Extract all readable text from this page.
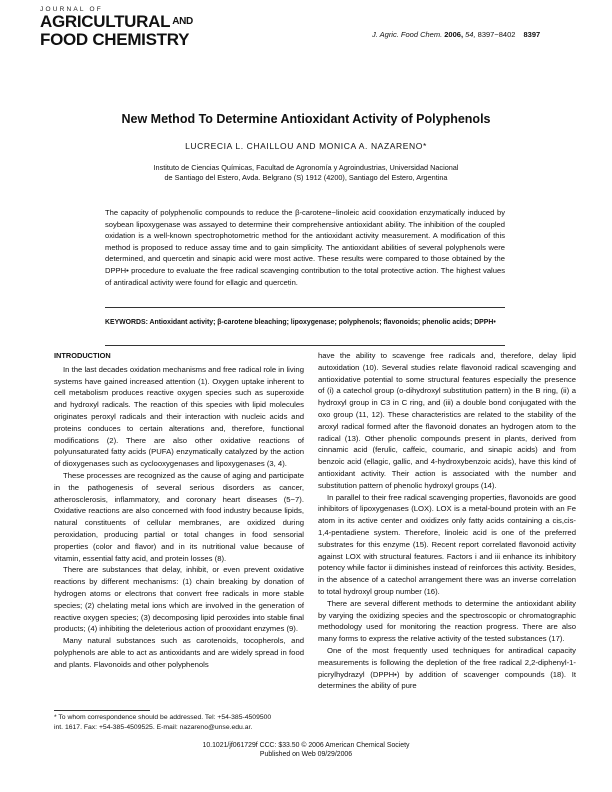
JOURNAL OF
AGRICULTURAL $^{AND}$
FOOD CHEMISTRY	J. Agric. Food Chem. 2006, 54, 8397−8402 8397
New Method To Determine Antioxidant Activity of Polyphenols
LUCRECIA L. CHAILLOU AND MONICA A. NAZARENO*
Instituto de Ciencias Químicas, Facultad de Agronomía y Agroindustrias, Universidad Nacional de Santiago del Estero, Avda. Belgrano (S) 1912 (4200), Santiago del Estero, Argentina
The capacity of polyphenolic compounds to reduce the β-carotene−linoleic acid cooxidation enzymatically induced by soybean lipoxygenase was assayed to determine their comprehensive antioxidant ability. The inhibition of the coupled oxidation is a well-known spectrophotometric method for the antioxidant activity measurement. A modification of this method is proposed to reduce assay time and to gain simplicity. The antioxidant abilities of several polyphenols were determined, and quercetin and sinapic acid were most active. These results were compared to those obtained by the DPPH• procedure to evaluate the free radical scavenging contribution to the total protective action. The highest values of antiradical activity were found for ellagic and quercetin.
KEYWORDS: Antioxidant activity; β-carotene bleaching; lipoxygenase; polyphenols; flavonoids; phenolic acids; DPPH•
INTRODUCTION

In the last decades oxidation mechanisms and free radical role in living systems have gained increased attention (1). Oxygen uptake inherent to cell metabolism produces reactive oxygen species such as superoxide and hydroxyl radicals. The reaction of this species with lipid molecules originates peroxyl radicals and their interaction with nucleic acids and proteins conduces to certain alterations and, therefore, functional modifications (2). There are also other oxidative reactions of polyunsaturated fatty acids (PUFA) enzymatically catalyzed by the action of dioxygenases such as cyclooxygenases and lipoxygenases (3, 4).

These processes are recognized as the cause of aging and participate in the pathogenesis of several serious disorders as cancer, atherosclerosis, inflammatory, and coronary heart diseases (5−7). Oxidative reactions are also concerned with food industry because lipids, natural constituents of cellular membranes, are oxidized during peroxidation, producing partial or total changes in food sensorial properties (color and flavor) and in its nutritional value because of vitamin, essential fatty acid, and protein losses (8).

There are substances that delay, inhibit, or even prevent oxidative reactions by different mechanisms: (1) chain breaking by donation of hydrogen atoms or electrons that convert free radicals in more stable species; (2) chelating metal ions which are involved in the generation of reactive oxygen species; (3) decomposing lipid peroxides into stable final products; (4) inhibiting the deleterious action of prooxidant enzymes (9).

Many natural substances such as carotenoids, tocopherols, and polyphenols are able to act as antioxidants and are widely spread in food and plants. Flavonoids and other polyphenols

have the ability to scavenge free radicals and, therefore, delay lipid autoxidation (10). Several studies relate flavonoid radical scavenging and antioxidative potential to some structural features especially the presence of (i) a catechol group (o-dihydroxyl substitution pattern) in the B ring, (ii) a hydroxyl group in C3 in C ring, and (iii) a double bond conjugated with the oxo group (11, 12). These characteristics are related to the stability of the aroxyl radical formed after the flavonoid donates an hydrogen atom to the radical (13). Other phenolic compounds present in plants, derived from cinnamic acid (ferulic, caffeic, coumaric, and sinapic acids) and from benzoic acid (ellagic, gallic, and 4-hydroxybenzoic acids), have this kind of antioxidant activity. Their action is associated with the number and substitution pattern of phenolic hydroxyl groups (14).

In parallel to their free radical scavenging properties, flavonoids are good inhibitors of lipoxygenases (LOX). LOX is a metal-bound protein with an Fe atom in its active center and oxidizes only fatty acids containing a cis,cis-1,4-pentadiene system. Therefore, linoleic acid is one of the preferred substrates for this enzyme (15). Recent report correlated flavonoid activity against LOX with structural features. Factors i and iii enhance its inhibitory potency while factor ii diminishes instead of reinforces this activity. Besides, in the absence of a catechol arrangement there was an inverse correlation to total hydroxyl group number (16).

There are several different methods to determine the antioxidant ability by varying the oxidizing species and the spectroscopic or chromatographic methodology used for monitoring the reaction progress. There are also many forms to express the relative activity of the tested substances (17).

One of the most frequently used techniques for antiradical capacity measurements is following the depletion of the free radical 2,2-diphenyl-1-picrylhydrazyl (DPPH•) by addition of scavenger compounds (18). It determines the ability of pure

* To whom correspondence should be addressed. Tel: +54-385-4509500
int. 1617. Fax: +54-385-4509525. E-mail: nazareno@unse.edu.ar.
10.1021/jf061729f CCC: $33.50 © 2006 American Chemical Society
Published on Web 09/29/2006
